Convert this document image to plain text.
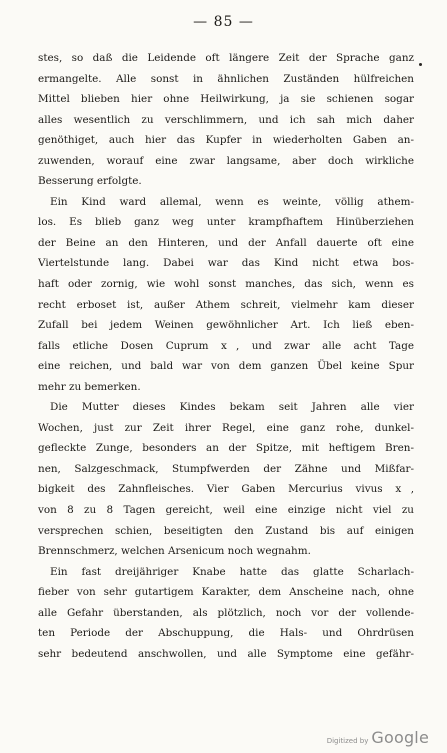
— 85 —
stes, so daß die Leidende oft längere Zeit der Sprache ganz
ermangelte. Alle sonst in ähnlichen Zuständen hülfreichen
Mittel blieben hier ohne Heilwirkung, ja sie schienen sogar
alles wesentlich zu verschlimmern, und ich sah mich daher
genöthiget, auch hier das Kupfer in wiederholten Gaben an-
zuwenden, worauf eine zwar langsame, aber doch wirkliche
Besserung erfolgte.
Ein Kind ward allemal, wenn es weinte, völlig athem-
los. Es blieb ganz weg unter krampfhaftem Hinüberziehen
der Beine an den Hinteren, und der Anfall dauerte oft eine
Viertelstunde lang. Dabei war das Kind nicht etwa bos-
haft oder zornig, wie wohl sonst manches, das sich, wenn es
recht erboset ist, außer Athem schreit, vielmehr kam dieser
Zufall bei jedem Weinen gewöhnlicher Art. Ich ließ eben-
falls etliche Dosen Cuprum ⅹ, und zwar alle acht Tage
eine reichen, und bald war von dem ganzen Übel keine Spur
mehr zu bemerken.
Die Mutter dieses Kindes bekam seit Jahren alle vier
Wochen, just zur Zeit ihrer Regel, eine ganz rohe, dunkel-
gefleckte Zunge, besonders an der Spitze, mit heftigem Bren-
nen, Salzgeschmack, Stumpfwerden der Zähne und Mißfar-
bigkeit des Zahnfleisches. Vier Gaben Mercurius vivus ⅹ,
von 8 zu 8 Tagen gereicht, weil eine einzige nicht viel zu
versprechen schien, beseitigten den Zustand bis auf einigen
Brennschmerz, welchen Arsenicum noch wegnahm.
Ein fast dreijähriger Knabe hatte das glatte Scharlach-
fieber von sehr gutartigem Karakter, dem Anscheine nach, ohne
alle Gefahr überstanden, als plötzlich, noch vor der vollende-
ten Periode der Abschuppung, die Hals- und Ohrdrüsen
sehr bedeutend anschwollen, und alle Symptome eine gefähr-
Digitized by Google
